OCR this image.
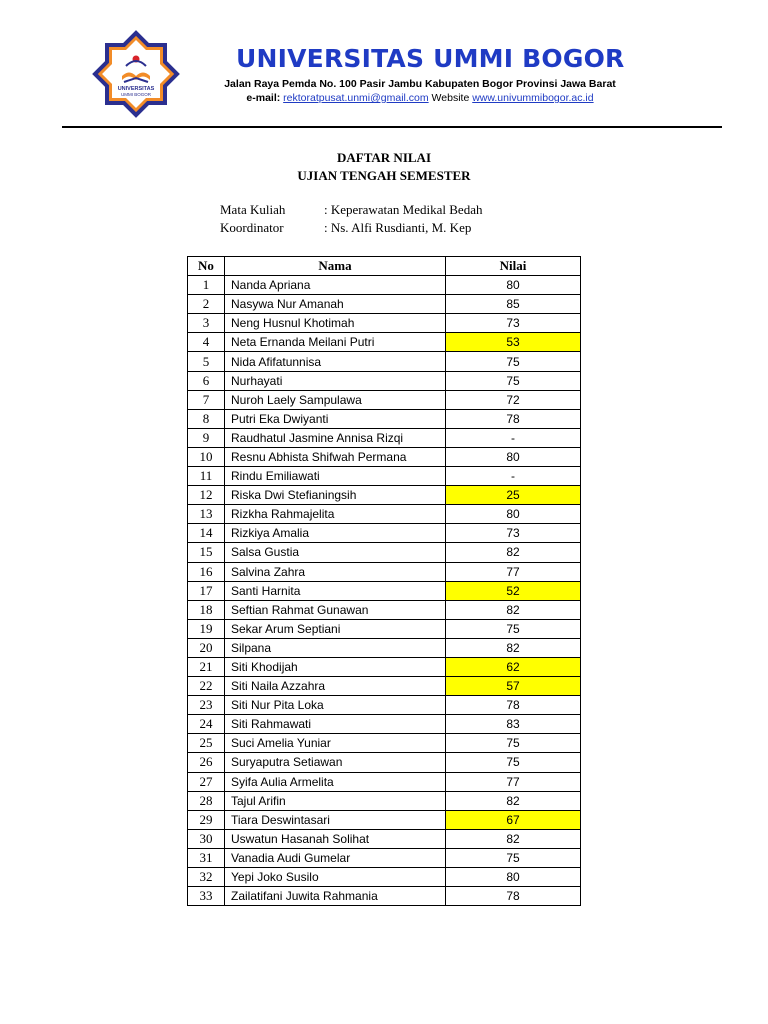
UNIVERSITAS
UMMI BOGOR
UNIVERSITAS UMMI BOGOR
Jalan Raya Pemda No. 100 Pasir Jambu Kabupaten Bogor Provinsi Jawa Barat
e-mail: rektoratpusat.unmi@gmail.com Website www.univummibogor.ac.id
DAFTAR NILAI
UJIAN TENGAH SEMESTER
Mata Kuliah	: Keperawatan Medikal Bedah
Koordinator	: Ns. Alfi Rusdianti, M. Kep
No	Nama	Nilai
1	Nanda Apriana	80
2	Nasywa Nur Amanah	85
3	Neng Husnul Khotimah	73
4	Neta Ernanda Meilani Putri	53
5	Nida Afifatunnisa	75
6	Nurhayati	75
7	Nuroh Laely Sampulawa	72
8	Putri Eka Dwiyanti	78
9	Raudhatul Jasmine Annisa Rizqi	-
10	Resnu Abhista Shifwah Permana	80
11	Rindu Emiliawati	-
12	Riska Dwi Stefianingsih	25
13	Rizkha Rahmajelita	80
14	Rizkiya Amalia	73
15	Salsa Gustia	82
16	Salvina Zahra	77
17	Santi Harnita	52
18	Seftian Rahmat Gunawan	82
19	Sekar Arum Septiani	75
20	Silpana	82
21	Siti Khodijah	62
22	Siti Naila Azzahra	57
23	Siti Nur Pita Loka	78
24	Siti Rahmawati	83
25	Suci Amelia Yuniar	75
26	Suryaputra Setiawan	75
27	Syifa Aulia Armelita	77
28	Tajul Arifin	82
29	Tiara Deswintasari	67
30	Uswatun Hasanah Solihat	82
31	Vanadia Audi Gumelar	75
32	Yepi Joko Susilo	80
33	Zailatifani Juwita Rahmania	78
